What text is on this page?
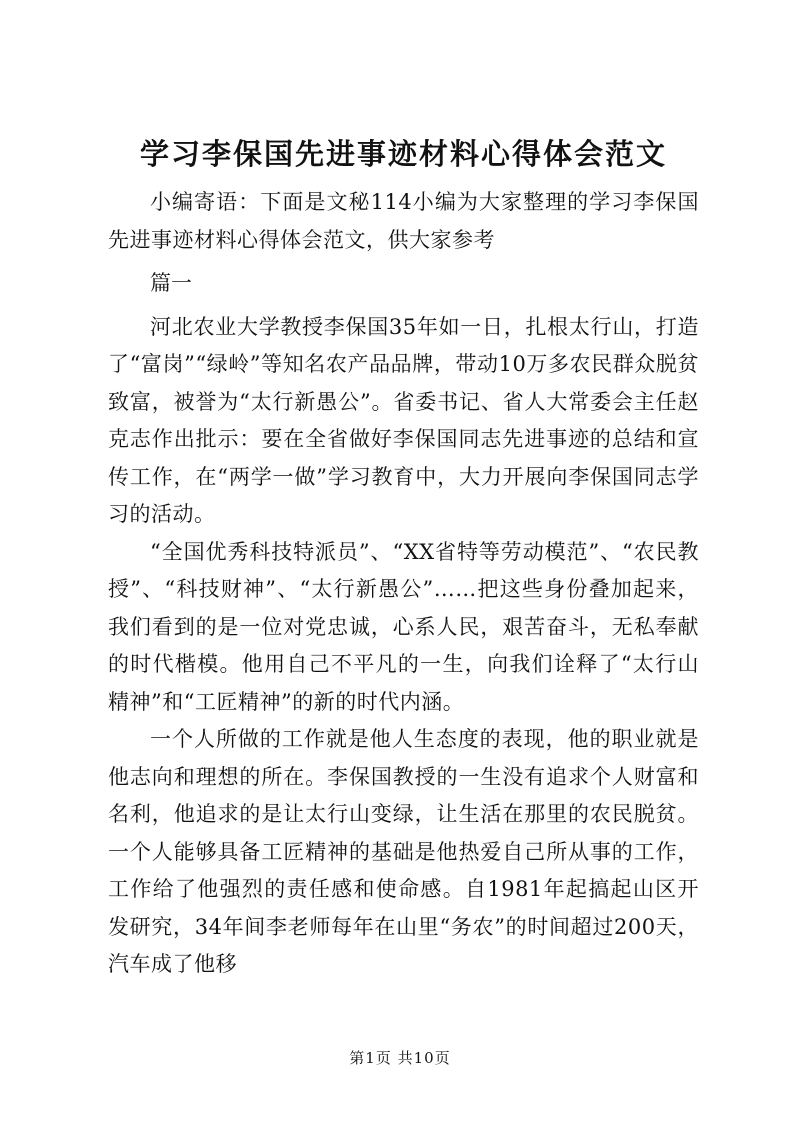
学习李保国先进事迹材料心得体会范文

小编寄语：下面是文秘114小编为大家整理的学习李保国先进事迹材料心得体会范文，供大家参考

篇一

河北农业大学教授李保国35年如一日，扎根太行山，打造了“富岗”“绿岭”等知名农产品品牌，带动10万多农民群众脱贫致富，被誉为“太行新愚公”。省委书记、省人大常委会主任赵克志作出批示：要在全省做好李保国同志先进事迹的总结和宣传工作，在“两学一做”学习教育中，大力开展向李保国同志学习的活动。

“全国优秀科技特派员”、“XX省特等劳动模范”、“农民教授”、“科技财神”、“太行新愚公”……把这些身份叠加起来，我们看到的是一位对党忠诚，心系人民，艰苦奋斗，无私奉献的时代楷模。他用自己不平凡的一生，向我们诠释了“太行山精神”和“工匠精神”的新的时代内涵。

一个人所做的工作就是他人生态度的表现，他的职业就是他志向和理想的所在。李保国教授的一生没有追求个人财富和名利，他追求的是让太行山变绿，让生活在那里的农民脱贫。一个人能够具备工匠精神的基础是他热爱自己所从事的工作，工作给了他强烈的责任感和使命感。自1981年起搞起山区开发研究，34年间李老师每年在山里“务农”的时间超过200天，汽车成了他移

第1页 共10页
